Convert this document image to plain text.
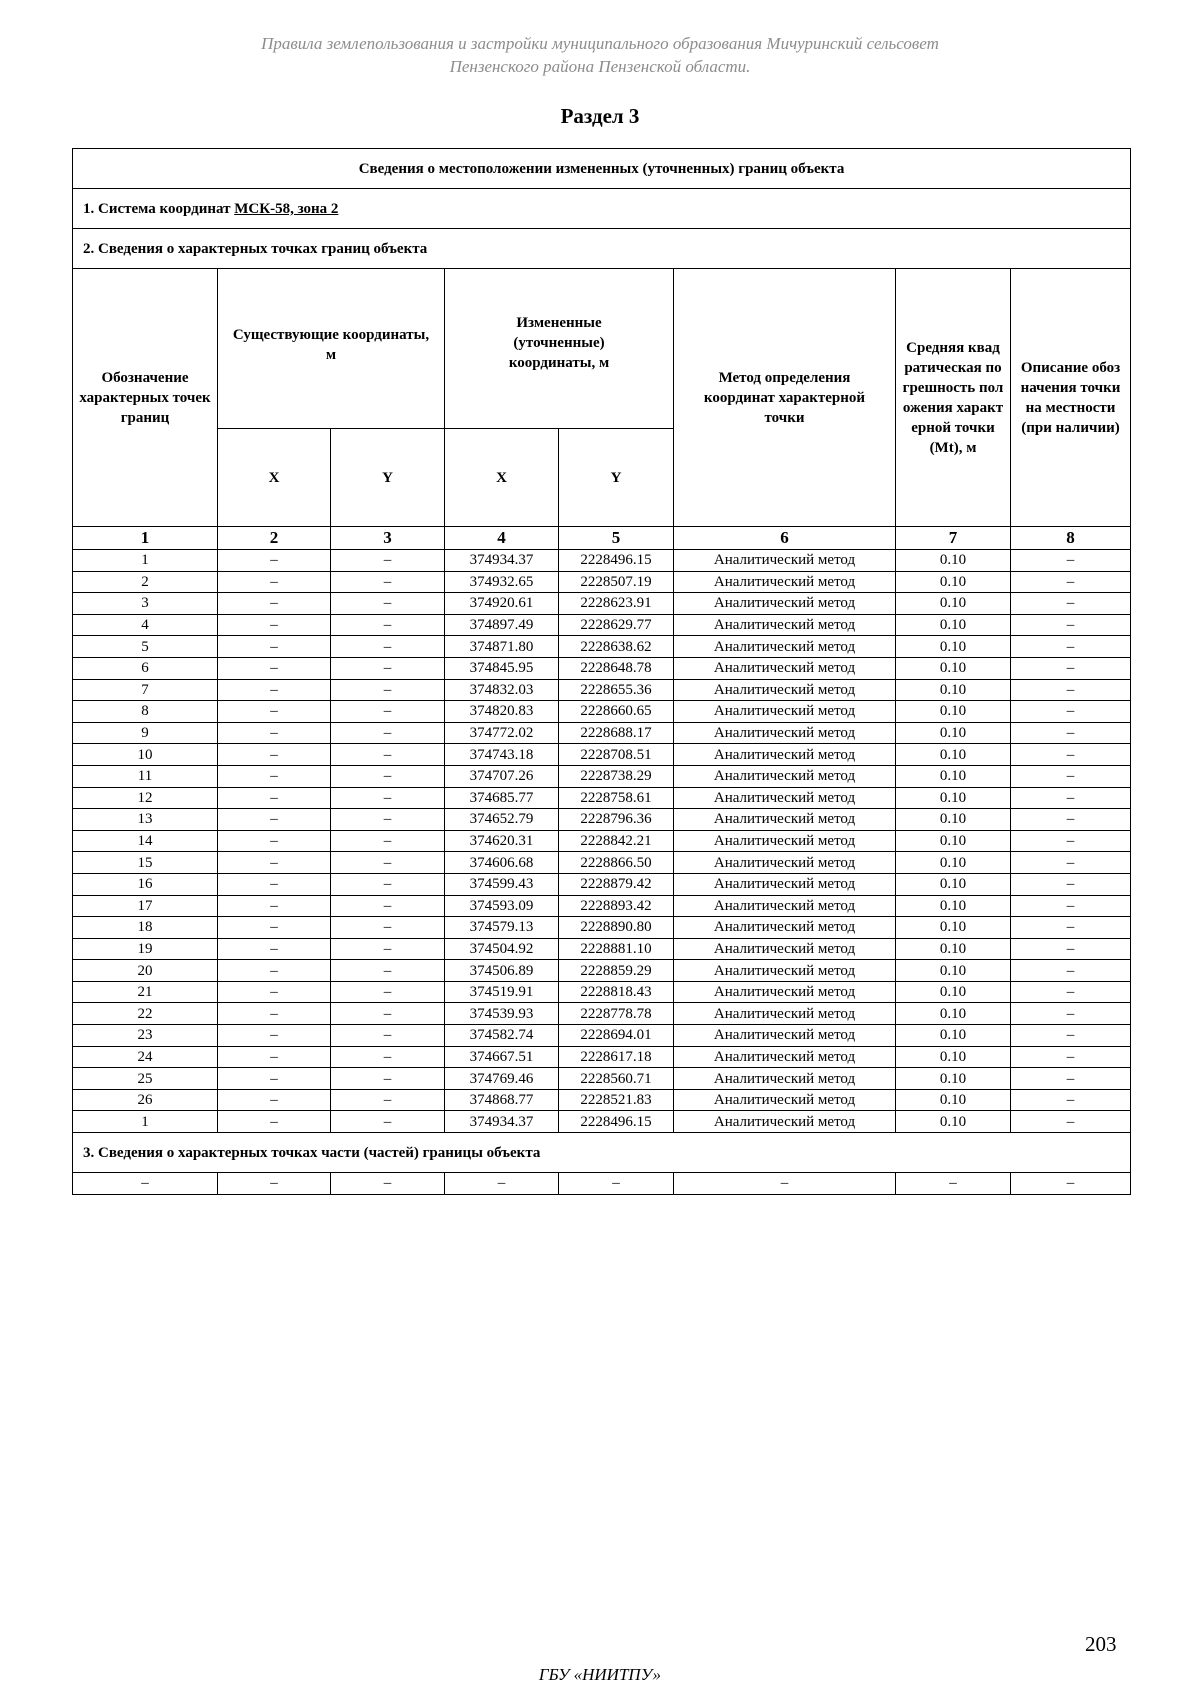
Правила землепользования и застройки муниципального образования Мичуринский сельсовет
Пензенского района Пензенской области.
Раздел 3
Сведения о местоположении измененных (уточненных) границ объекта							
1. Система координат МСК-58, зона 2							
2. Сведения о характерных точках границ объекта							
Обозначение характерных точек границ	Существующие координаты, м		Измененные (уточненные) координаты, м		Метод определения координат характерной точки	Средняя квадратическая погрешность положения характерной точки (Mt), м	Описание обозначения точки на местности (при наличии)
	X	Y	X	Y			
1	2	3	4	5	6	7	8
1	–	–	374934.37	2228496.15	Аналитический метод	0.10	–
2	–	–	374932.65	2228507.19	Аналитический метод	0.10	–
3	–	–	374920.61	2228623.91	Аналитический метод	0.10	–
4	–	–	374897.49	2228629.77	Аналитический метод	0.10	–
5	–	–	374871.80	2228638.62	Аналитический метод	0.10	–
6	–	–	374845.95	2228648.78	Аналитический метод	0.10	–
7	–	–	374832.03	2228655.36	Аналитический метод	0.10	–
8	–	–	374820.83	2228660.65	Аналитический метод	0.10	–
9	–	–	374772.02	2228688.17	Аналитический метод	0.10	–
10	–	–	374743.18	2228708.51	Аналитический метод	0.10	–
11	–	–	374707.26	2228738.29	Аналитический метод	0.10	–
12	–	–	374685.77	2228758.61	Аналитический метод	0.10	–
13	–	–	374652.79	2228796.36	Аналитический метод	0.10	–
14	–	–	374620.31	2228842.21	Аналитический метод	0.10	–
15	–	–	374606.68	2228866.50	Аналитический метод	0.10	–
16	–	–	374599.43	2228879.42	Аналитический метод	0.10	–
17	–	–	374593.09	2228893.42	Аналитический метод	0.10	–
18	–	–	374579.13	2228890.80	Аналитический метод	0.10	–
19	–	–	374504.92	2228881.10	Аналитический метод	0.10	–
20	–	–	374506.89	2228859.29	Аналитический метод	0.10	–
21	–	–	374519.91	2228818.43	Аналитический метод	0.10	–
22	–	–	374539.93	2228778.78	Аналитический метод	0.10	–
23	–	–	374582.74	2228694.01	Аналитический метод	0.10	–
24	–	–	374667.51	2228617.18	Аналитический метод	0.10	–
25	–	–	374769.46	2228560.71	Аналитический метод	0.10	–
26	–	–	374868.77	2228521.83	Аналитический метод	0.10	–
1	–	–	374934.37	2228496.15	Аналитический метод	0.10	–
3. Сведения о характерных точках части (частей) границы объекта							
–	–	–	–	–	–	–	–
203
ГБУ «НИИТПУ»
